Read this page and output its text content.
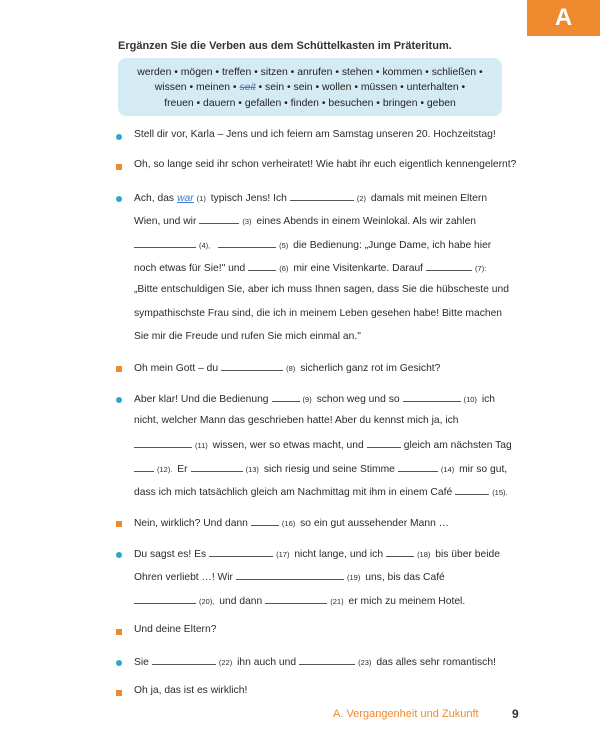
A
Ergänzen Sie die Verben aus dem Schüttelkasten im Präteritum.
werden • mögen • treffen • sitzen • anrufen • stehen • kommen • schließen •
wissen • meinen • seit • sein • sein • wollen • müssen • unterhalten •
freuen • dauern • gefallen • finden • besuchen • bringen • geben
Stell dir vor, Karla – Jens und ich feiern am Samstag unseren 20. Hochzeitstag!
Oh, so lange seid ihr schon verheiratet! Wie habt ihr euch eigentlich kennengelernt?
Ach, das war (1) typisch Jens! Ich	(2) damals mit meinen Eltern
Wien, und wir	(3) eines Abends in einem Weinlokal. Als wir zahlen
(4),	(5) die Bedienung: „Junge Dame, ich habe hier
noch etwas für Sie!" und	(6) mir eine Visitenkarte. Darauf	(7):
„Bitte entschuldigen Sie, aber ich muss Ihnen sagen, dass Sie die hübscheste und
sympathischste Frau sind, die ich in meinem Leben gesehen habe! Bitte machen
Sie mir die Freude und rufen Sie mich einmal an."
Oh mein Gott – du	(8) sicherlich ganz rot im Gesicht?
Aber klar! Und die Bedienung	(9) schon weg und so	(10) ich
nicht, welcher Mann das geschrieben hatte! Aber du kennst mich ja, ich
(11) wissen, wer so etwas macht, und	gleich am nächsten Tag
(12). Er	(13) sich riesig und seine Stimme	(14) mir so gut,
dass ich mich tatsächlich gleich am Nachmittag mit ihm in einem Café	(15).
Nein, wirklich? Und dann	(16) so ein gut aussehender Mann …
Du sagst es! Es	(17) nicht lange, und ich	(18) bis über beide
Ohren verliebt …! Wir	(19) uns, bis das Café
(20), und dann	(21) er mich zu meinem Hotel.
Und deine Eltern?
Sie	(22) ihn auch und	(23) das alles sehr romantisch!
Oh ja, das ist es wirklich!
A. Vergangenheit und Zukunft	9
